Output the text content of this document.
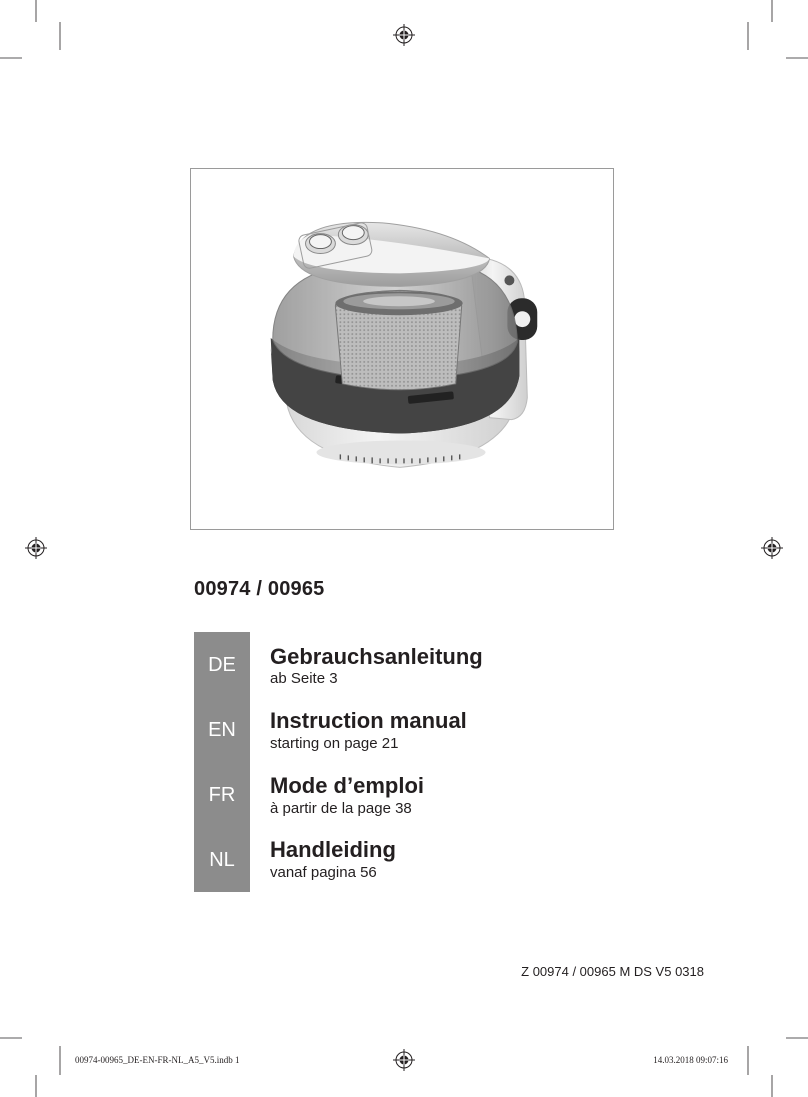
00974 / 00965
DE
EN
FR
NL
Gebrauchsanleitung
ab Seite 3
Instruction manual
starting on page 21
Mode d’emploi
à partir de la page 38
Handleiding
vanaf pagina 56
Z 00974 / 00965 M DS V5 0318
00974-00965_DE-EN-FR-NL_A5_V5.indb 1	14.03.2018 09:07:16
